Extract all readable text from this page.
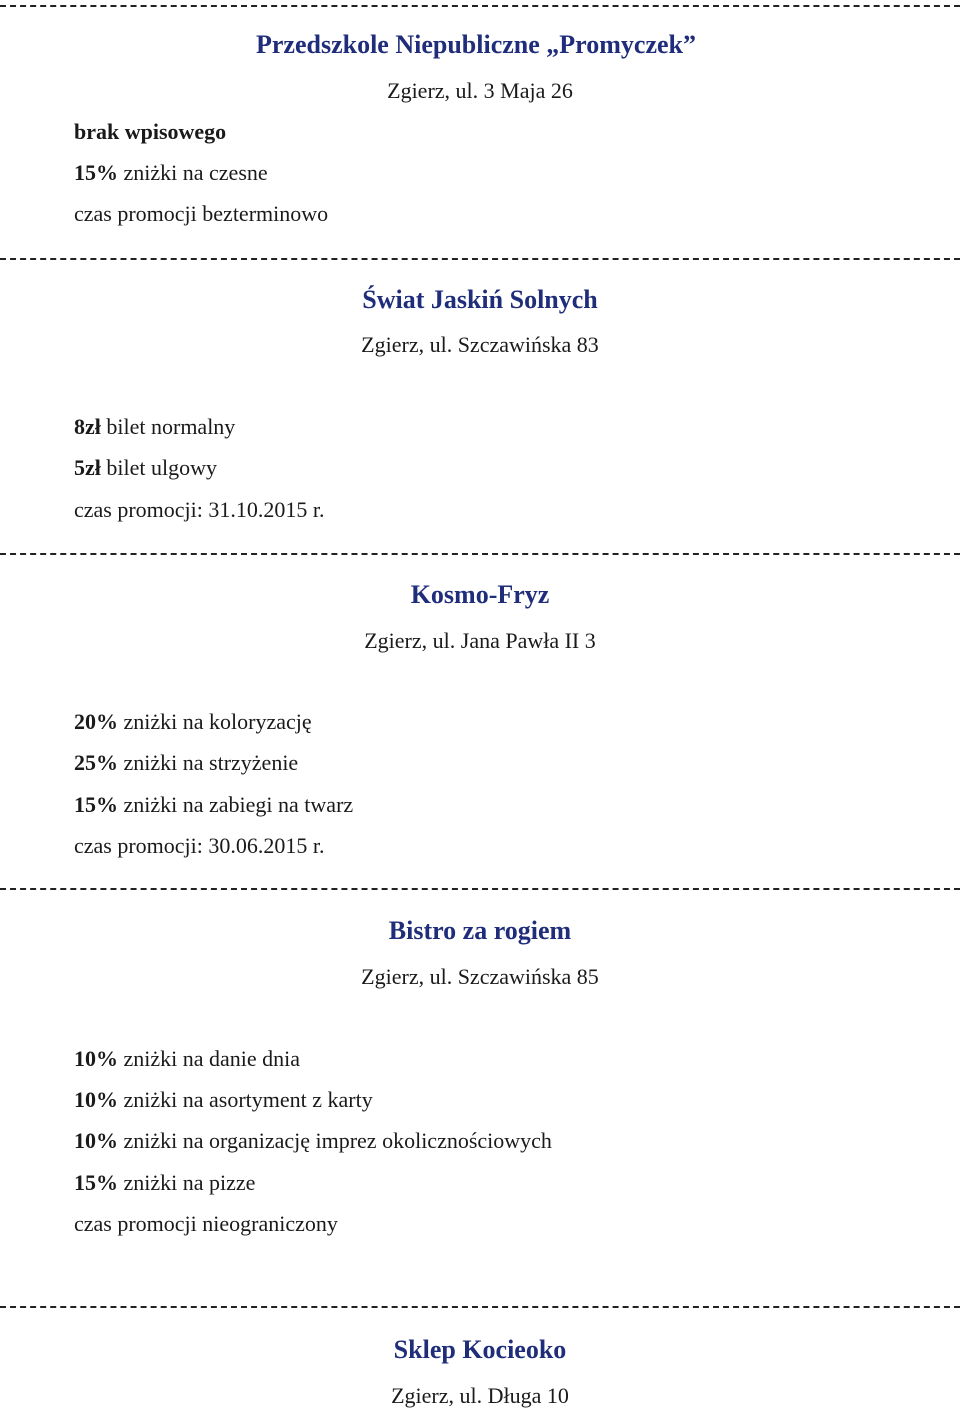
Przedszkole Niepubliczne „Promyczek”
Zgierz, ul. 3 Maja 26
brak wpisowego
15% zniżki na czesne
czas promocji bezterminowo
Świat Jaskiń Solnych
Zgierz, ul. Szczawińska 83
8zł bilet normalny
5zł bilet ulgowy
czas promocji: 31.10.2015 r.
Kosmo-Fryz
Zgierz, ul. Jana Pawła II 3
20% zniżki na koloryzację
25% zniżki na strzyżenie
15% zniżki na zabiegi na twarz
czas promocji: 30.06.2015 r.
Bistro za rogiem
Zgierz, ul. Szczawińska 85
10% zniżki na danie dnia
10% zniżki na asortyment z karty
10% zniżki na organizację imprez okolicznościowych
15% zniżki na pizze
czas promocji nieograniczony
Sklep Kocieoko
Zgierz, ul. Długa 10
